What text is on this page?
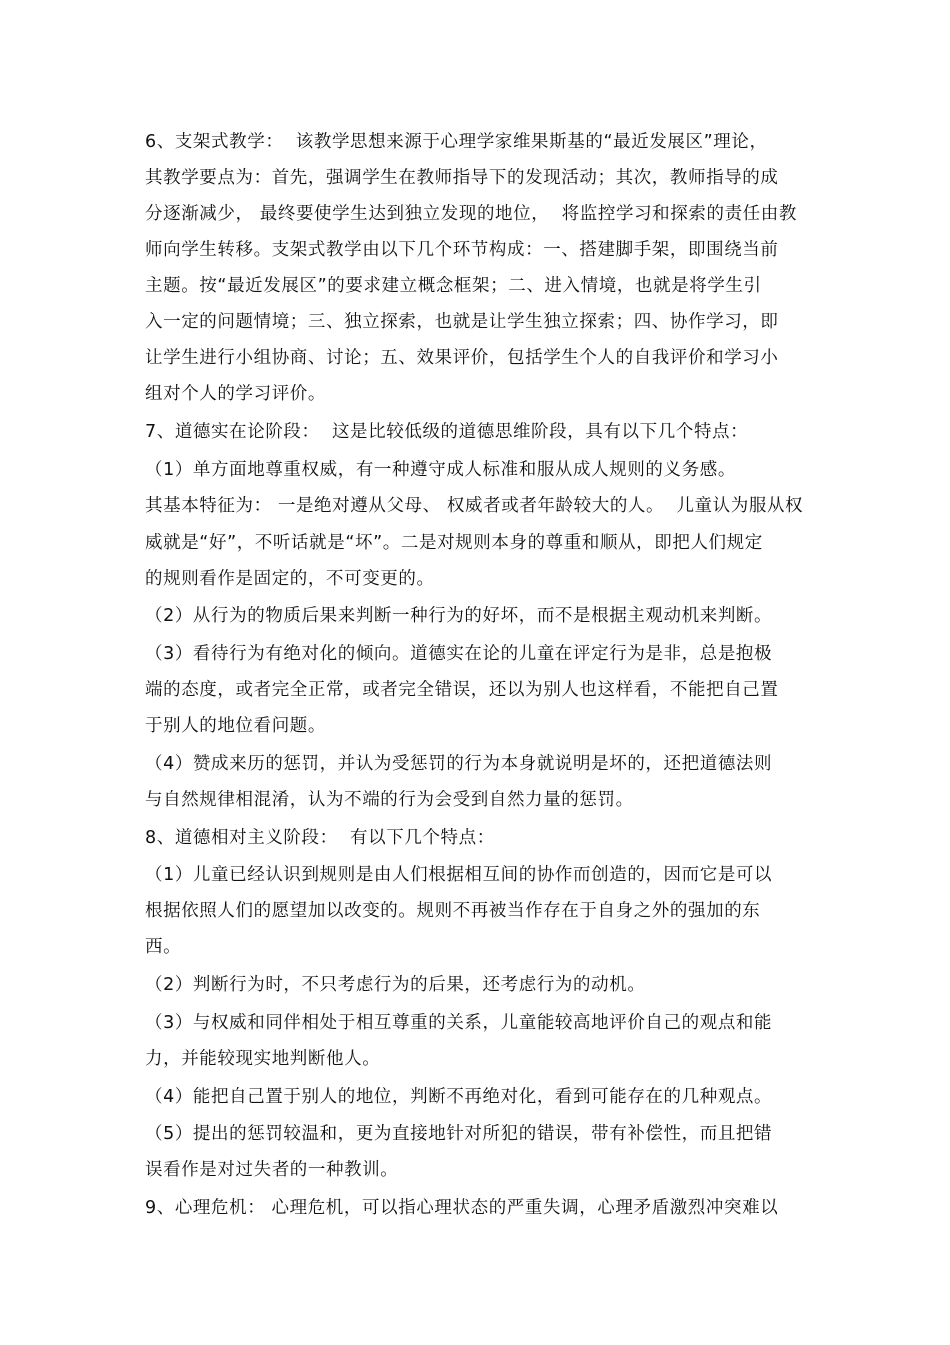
6、支架式教学：  该教学思想来源于心理学家维果斯基的“最近发展区”理论，
其教学要点为：首先，强调学生在教师指导下的发现活动；其次，教师指导的成
分逐渐减少， 最终要使学生达到独立发现的地位，  将监控学习和探索的责任由教
师向学生转移。支架式教学由以下几个环节构成：一、搭建脚手架，即围绕当前
主题。按“最近发展区”的要求建立概念框架；二、进入情境，也就是将学生引
入一定的问题情境；三、独立探索，也就是让学生独立探索；四、协作学习，即
让学生进行小组协商、讨论；五、效果评价，包括学生个人的自我评价和学习小
组对个人的学习评价。
7、道德实在论阶段：  这是比较低级的道德思维阶段，具有以下几个特点：
（1）单方面地尊重权威，有一种遵守成人标准和服从成人规则的义务感。
其基本特征为： 一是绝对遵从父母、 权威者或者年龄较大的人。  儿童认为服从权
威就是“好”，不听话就是“坏”。二是对规则本身的尊重和顺从，即把人们规定
的规则看作是固定的，不可变更的。
（2）从行为的物质后果来判断一种行为的好坏，而不是根据主观动机来判断。
（3）看待行为有绝对化的倾向。道德实在论的儿童在评定行为是非，总是抱极
端的态度，或者完全正常，或者完全错误，还以为别人也这样看，不能把自己置
于别人的地位看问题。
（4）赞成来历的惩罚，并认为受惩罚的行为本身就说明是坏的，还把道德法则
与自然规律相混淆，认为不端的行为会受到自然力量的惩罚。
8、道德相对主义阶段：  有以下几个特点：
（1）儿童已经认识到规则是由人们根据相互间的协作而创造的，因而它是可以
根据依照人们的愿望加以改变的。规则不再被当作存在于自身之外的强加的东
西。
（2）判断行为时，不只考虑行为的后果，还考虑行为的动机。
（3）与权威和同伴相处于相互尊重的关系，儿童能较高地评价自己的观点和能
力，并能较现实地判断他人。
（4）能把自己置于别人的地位，判断不再绝对化，看到可能存在的几种观点。
（5）提出的惩罚较温和，更为直接地针对所犯的错误，带有补偿性，而且把错
误看作是对过失者的一种教训。
9、心理危机： 心理危机，可以指心理状态的严重失调，心理矛盾激烈冲突难以
